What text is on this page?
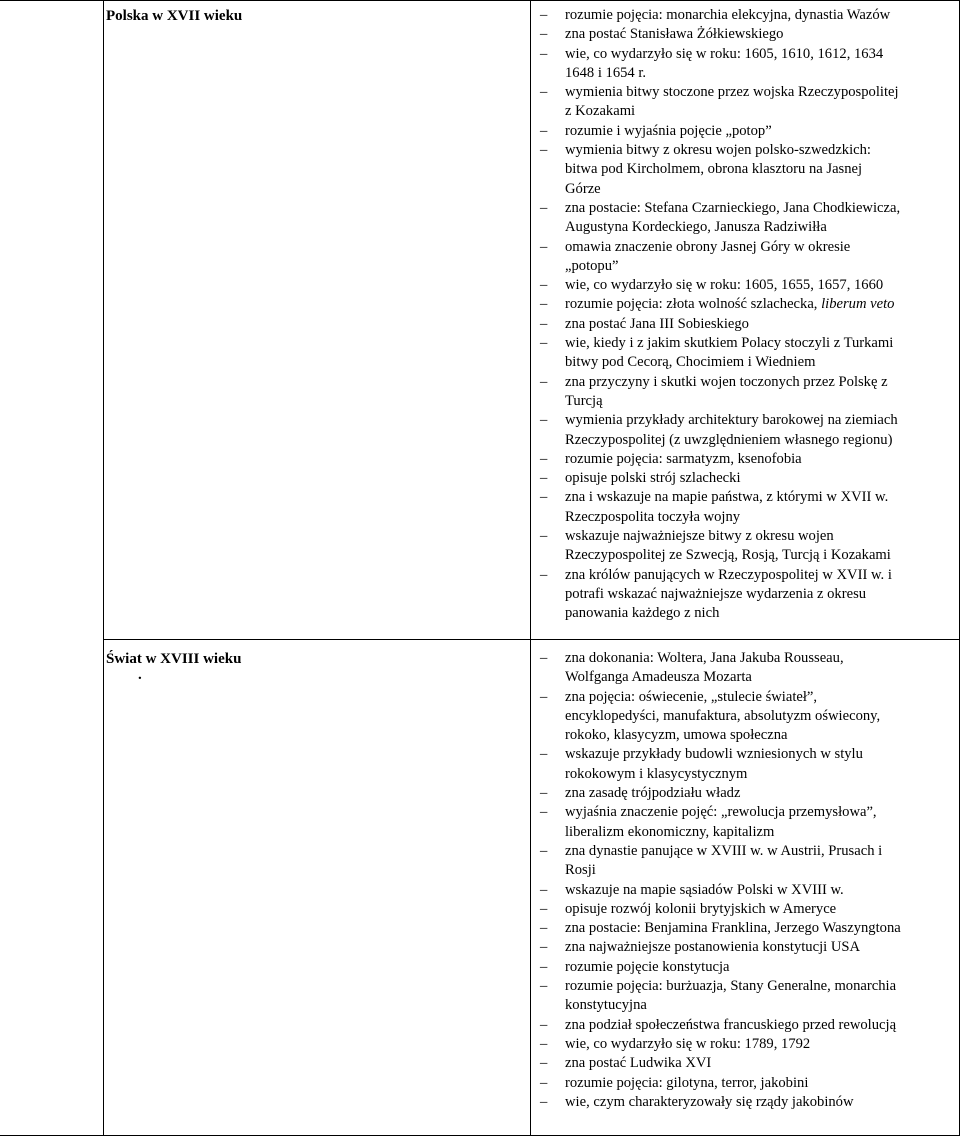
Polska w XVII wieku	– rozumie pojęcia: monarchia elekcyjna, dynastia Wazów

– zna postać Stanisława Żółkiewskiego

– wie, co wydarzyło się w roku: 1605, 1610, 1612, 1634
1648 i 1654 r.

– wymienia bitwy stoczone przez wojska Rzeczypospolitej
z Kozakami

– rozumie i wyjaśnia pojęcie „potop”

– wymienia bitwy z okresu wojen polsko-szwedzkich:
bitwa pod Kircholmem, obrona klasztoru na Jasnej
Górze

– zna postacie: Stefana Czarnieckiego, Jana Chodkiewicza,
Augustyna Kordeckiego, Janusza Radziwiłła

– omawia znaczenie obrony Jasnej Góry w okresie
„potopu”

– wie, co wydarzyło się w roku: 1605, 1655, 1657, 1660

– rozumie pojęcia: złota wolność szlachecka, liberum veto

– zna postać Jana III Sobieskiego

– wie, kiedy i z jakim skutkiem Polacy stoczyli z Turkami
bitwy pod Cecorą, Chocimiem i Wiedniem

– zna przyczyny i skutki wojen toczonych przez Polskę z
Turcją

– wymienia przykłady architektury barokowej na ziemiach
Rzeczypospolitej (z uwzględnieniem własnego regionu)

– rozumie pojęcia: sarmatyzm, ksenofobia

– opisuje polski strój szlachecki

– zna i wskazuje na mapie państwa, z którymi w XVII w.
Rzeczpospolita toczyła wojny

– wskazuje najważniejsze bitwy z okresu wojen
Rzeczypospolitej ze Szwecją, Rosją, Turcją i Kozakami

– zna królów panujących w Rzeczypospolitej w XVII w. i
potrafi wskazać najważniejsze wydarzenia z okresu
panowania każdego z nich

Świat w XVIII wieku
.

– zna dokonania: Woltera, Jana Jakuba Rousseau,
Wolfganga Amadeusza Mozarta

– zna pojęcia: oświecenie, „stulecie świateł”,
encyklopedyści, manufaktura, absolutyzm oświecony,
rokoko, klasycyzm, umowa społeczna

– wskazuje przykłady budowli wzniesionych w stylu
rokokowym i klasycystycznym

– zna zasadę trójpodziału władz

– wyjaśnia znaczenie pojęć: „rewolucja przemysłowa”,
liberalizm ekonomiczny, kapitalizm

– zna dynastie panujące w XVIII w. w Austrii, Prusach i
Rosji

– wskazuje na mapie sąsiadów Polski w XVIII w.

– opisuje rozwój kolonii brytyjskich w Ameryce

– zna postacie: Benjamina Franklina, Jerzego Waszyngtona

– zna najważniejsze postanowienia konstytucji USA

– rozumie pojęcie konstytucja

– rozumie pojęcia: burżuazja, Stany Generalne, monarchia
konstytucyjna

– zna podział społeczeństwa francuskiego przed rewolucją

– wie, co wydarzyło się w roku: 1789, 1792

– zna postać Ludwika XVI

– rozumie pojęcia: gilotyna, terror, jakobini

– wie, czym charakteryzowały się rządy jakobinów
